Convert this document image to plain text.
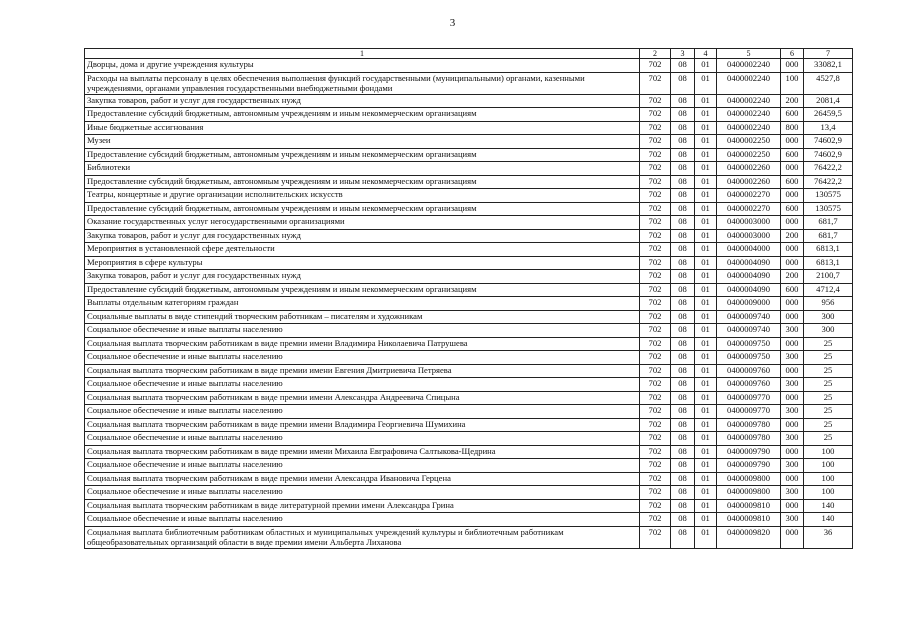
3
1	2	3	4	5	6	7
Дворцы, дома и другие учреждения культуры	702	08	01	0400002240	000	33082,1
Расходы на выплаты персоналу в целях обеспечения выполнения функций государственными (муниципальными) органами, казенными учреждениями, органами управления государственными внебюджетными фондами	702	08	01	0400002240	100	4527,8
Закупка товаров, работ и услуг для государственных нужд	702	08	01	0400002240	200	2081,4
Предоставление субсидий бюджетным, автономным учреждениям и иным некоммерческим организациям	702	08	01	0400002240	600	26459,5
Иные бюджетные ассигнования	702	08	01	0400002240	800	13,4
Музеи	702	08	01	0400002250	000	74602,9
Предоставление субсидий бюджетным, автономным учреждениям и иным некоммерческим организациям	702	08	01	0400002250	600	74602,9
Библиотеки	702	08	01	0400002260	000	76422,2
Предоставление субсидий бюджетным, автономным учреждениям и иным некоммерческим организациям	702	08	01	0400002260	600	76422,2
Театры, концертные и другие организации исполнительских искусств	702	08	01	0400002270	000	130575
Предоставление субсидий бюджетным, автономным учреждениям и иным некоммерческим организациям	702	08	01	0400002270	600	130575
Оказание государственных услуг негосударственными организациями	702	08	01	0400003000	000	681,7
Закупка товаров, работ и услуг для государственных нужд	702	08	01	0400003000	200	681,7
Мероприятия в установленной сфере деятельности	702	08	01	0400004000	000	6813,1
Мероприятия в сфере культуры	702	08	01	0400004090	000	6813,1
Закупка товаров, работ и услуг для государственных нужд	702	08	01	0400004090	200	2100,7
Предоставление субсидий бюджетным, автономным учреждениям и иным некоммерческим организациям	702	08	01	0400004090	600	4712,4
Выплаты отдельным категориям граждан	702	08	01	0400009000	000	956
Социальные выплаты в виде стипендий творческим работникам – писателям и художникам	702	08	01	0400009740	000	300
Социальное обеспечение и иные выплаты населению	702	08	01	0400009740	300	300
Социальная выплата творческим работникам в виде премии имени Владимира Николаевича Патрушева	702	08	01	0400009750	000	25
Социальное обеспечение и иные выплаты населению	702	08	01	0400009750	300	25
Социальная выплата творческим работникам в виде премии имени Евгения Дмитриевича Петряева	702	08	01	0400009760	000	25
Социальное обеспечение и иные выплаты населению	702	08	01	0400009760	300	25
Социальная выплата творческим работникам в виде премии имени Александра Андреевича Спицына	702	08	01	0400009770	000	25
Социальное обеспечение и иные выплаты населению	702	08	01	0400009770	300	25
Социальная выплата творческим работникам в виде премии имени Владимира Георгиевича Шумихина	702	08	01	0400009780	000	25
Социальное обеспечение и иные выплаты населению	702	08	01	0400009780	300	25
Социальная выплата творческим работникам в виде премии имени Михаила Евграфовича Салтыкова-Щедрина	702	08	01	0400009790	000	100
Социальное обеспечение и иные выплаты населению	702	08	01	0400009790	300	100
Социальная выплата творческим работникам в виде премии имени Александра Ивановича Герцена	702	08	01	0400009800	000	100
Социальное обеспечение и иные выплаты населению	702	08	01	0400009800	300	100
Социальная выплата творческим работникам в виде литературной премии имени Александра Грина	702	08	01	0400009810	000	140
Социальное обеспечение и иные выплаты населению	702	08	01	0400009810	300	140
Социальная выплата библиотечным работникам областных и муниципальных учреждений культуры и библиотечным работникам общеобразовательных организаций области в виде премии имени Альберта Лиханова	702	08	01	0400009820	000	36
